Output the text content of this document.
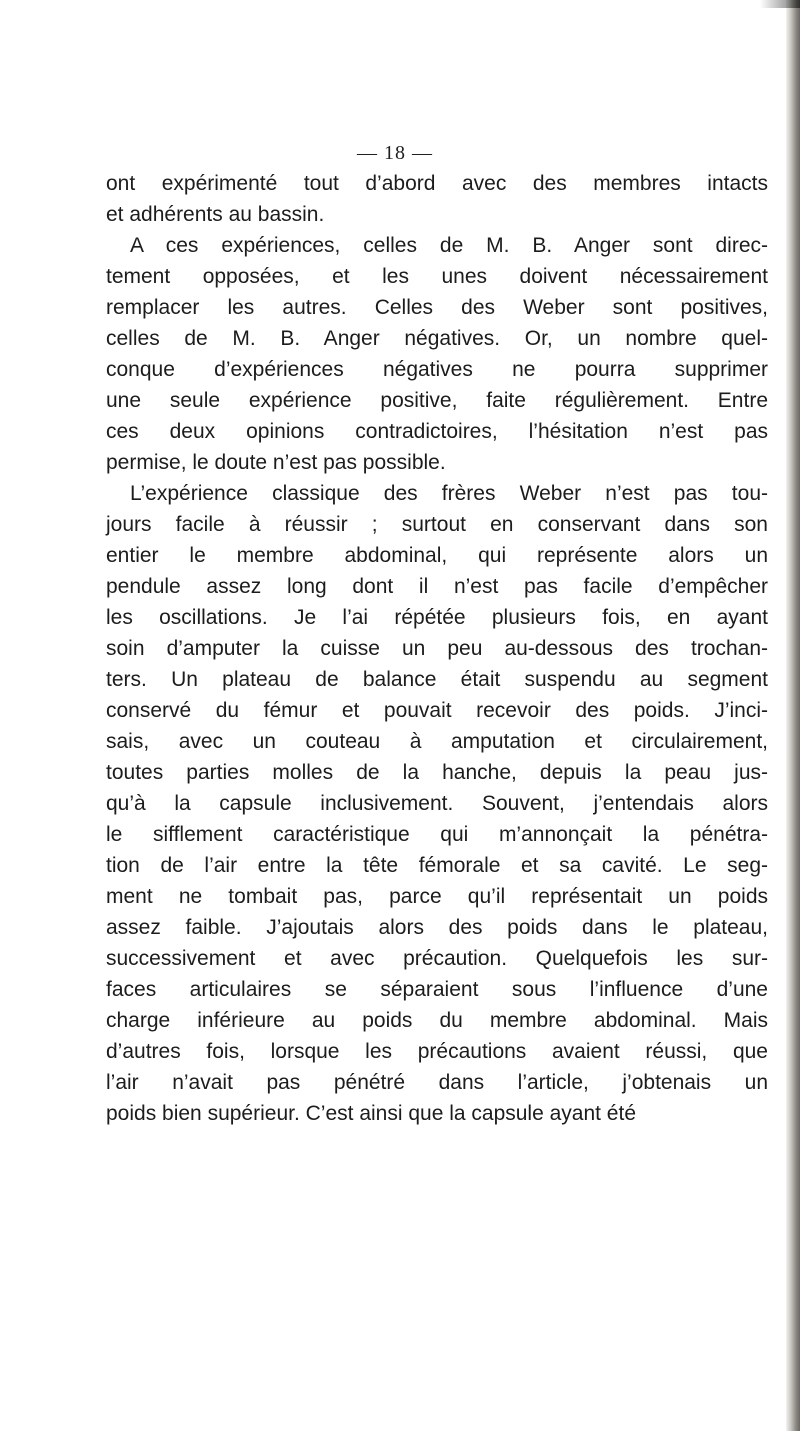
— 18 —
ont expérimenté tout d’abord avec des membres intacts
et adhérents au bassin.
A ces expériences, celles de M. B. Anger sont direc-
tement opposées, et les unes doivent nécessairement
remplacer les autres. Celles des Weber sont positives,
celles de M. B. Anger négatives. Or, un nombre quel-
conque d’expériences négatives ne pourra supprimer
une seule expérience positive, faite régulièrement. Entre
ces deux opinions contradictoires, l’hésitation n’est pas
permise, le doute n’est pas possible.
L’expérience classique des frères Weber n’est pas tou-
jours facile à réussir ; surtout en conservant dans son
entier le membre abdominal, qui représente alors un
pendule assez long dont il n’est pas facile d’empêcher
les oscillations. Je l’ai répétée plusieurs fois, en ayant
soin d’amputer la cuisse un peu au-dessous des trochan-
ters. Un plateau de balance était suspendu au segment
conservé du fémur et pouvait recevoir des poids. J’inci-
sais, avec un couteau à amputation et circulairement,
toutes parties molles de la hanche, depuis la peau jus-
qu’à la capsule inclusivement. Souvent, j’entendais alors
le sifflement caractéristique qui m’annonçait la pénétra-
tion de l’air entre la tête fémorale et sa cavité. Le seg-
ment ne tombait pas, parce qu’il représentait un poids
assez faible. J’ajoutais alors des poids dans le plateau,
successivement et avec précaution. Quelquefois les sur-
faces articulaires se séparaient sous l’influence d’une
charge inférieure au poids du membre abdominal. Mais
d’autres fois, lorsque les précautions avaient réussi, que
l’air n’avait pas pénétré dans l’article, j’obtenais un
poids bien supérieur. C’est ainsi que la capsule ayant été
